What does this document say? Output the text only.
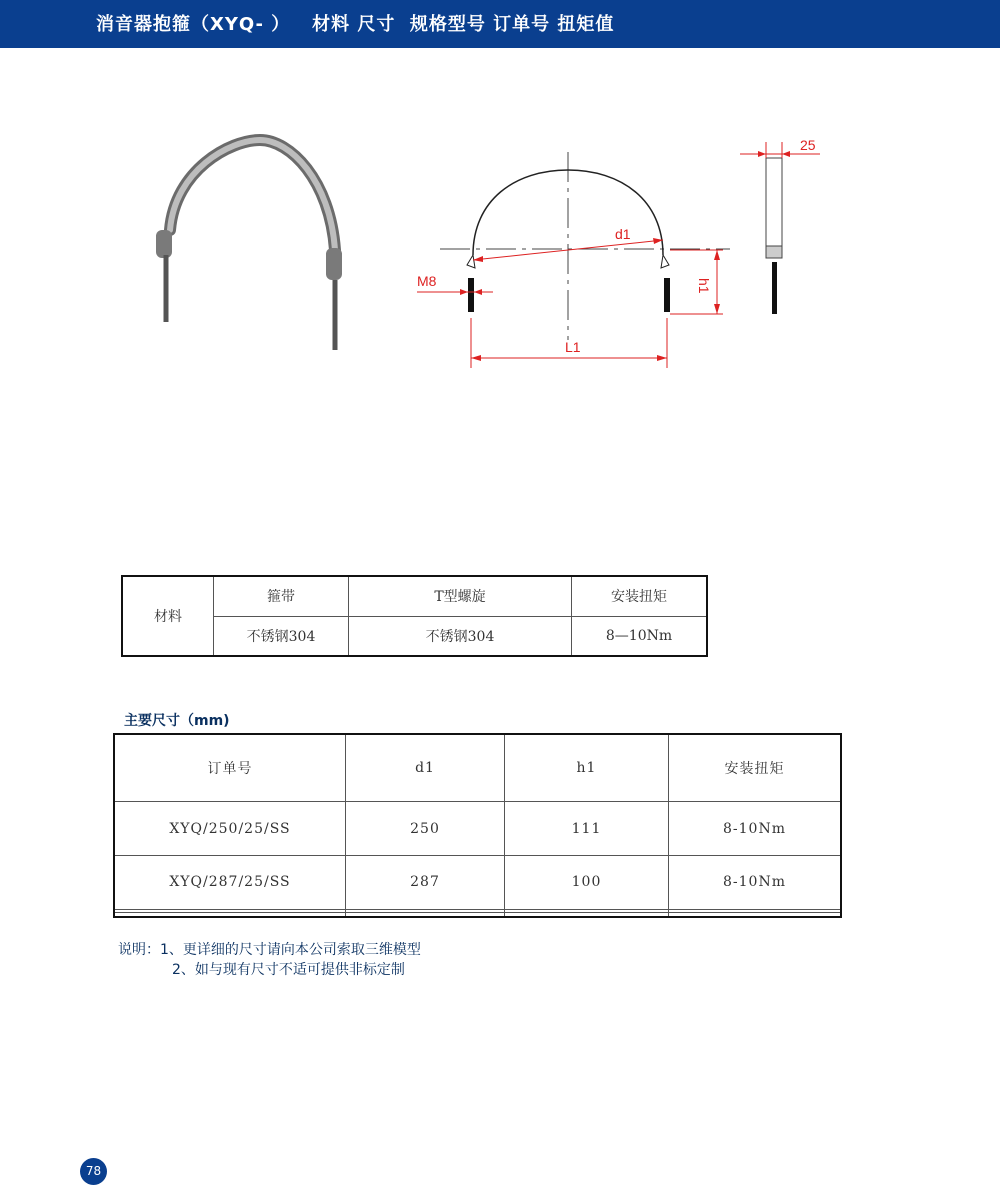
消音器抱箍（XYQ- ）   材料 尺寸  规格型号 订单号 扭矩值
d1
M8
L1
h1
25
材料	箍带	T型螺旋	安装扭矩
	不锈钢304	不锈钢304	8—10Nm
主要尺寸（mm)
订单号	d1	h1	安装扭矩
XYQ/250/25/SS	250	111	8-10Nm
XYQ/287/25/SS	287	100	8-10Nm

说明：1、更详细的尺寸请向本公司索取三维模型
2、如与现有尺寸不适可提供非标定制
78
